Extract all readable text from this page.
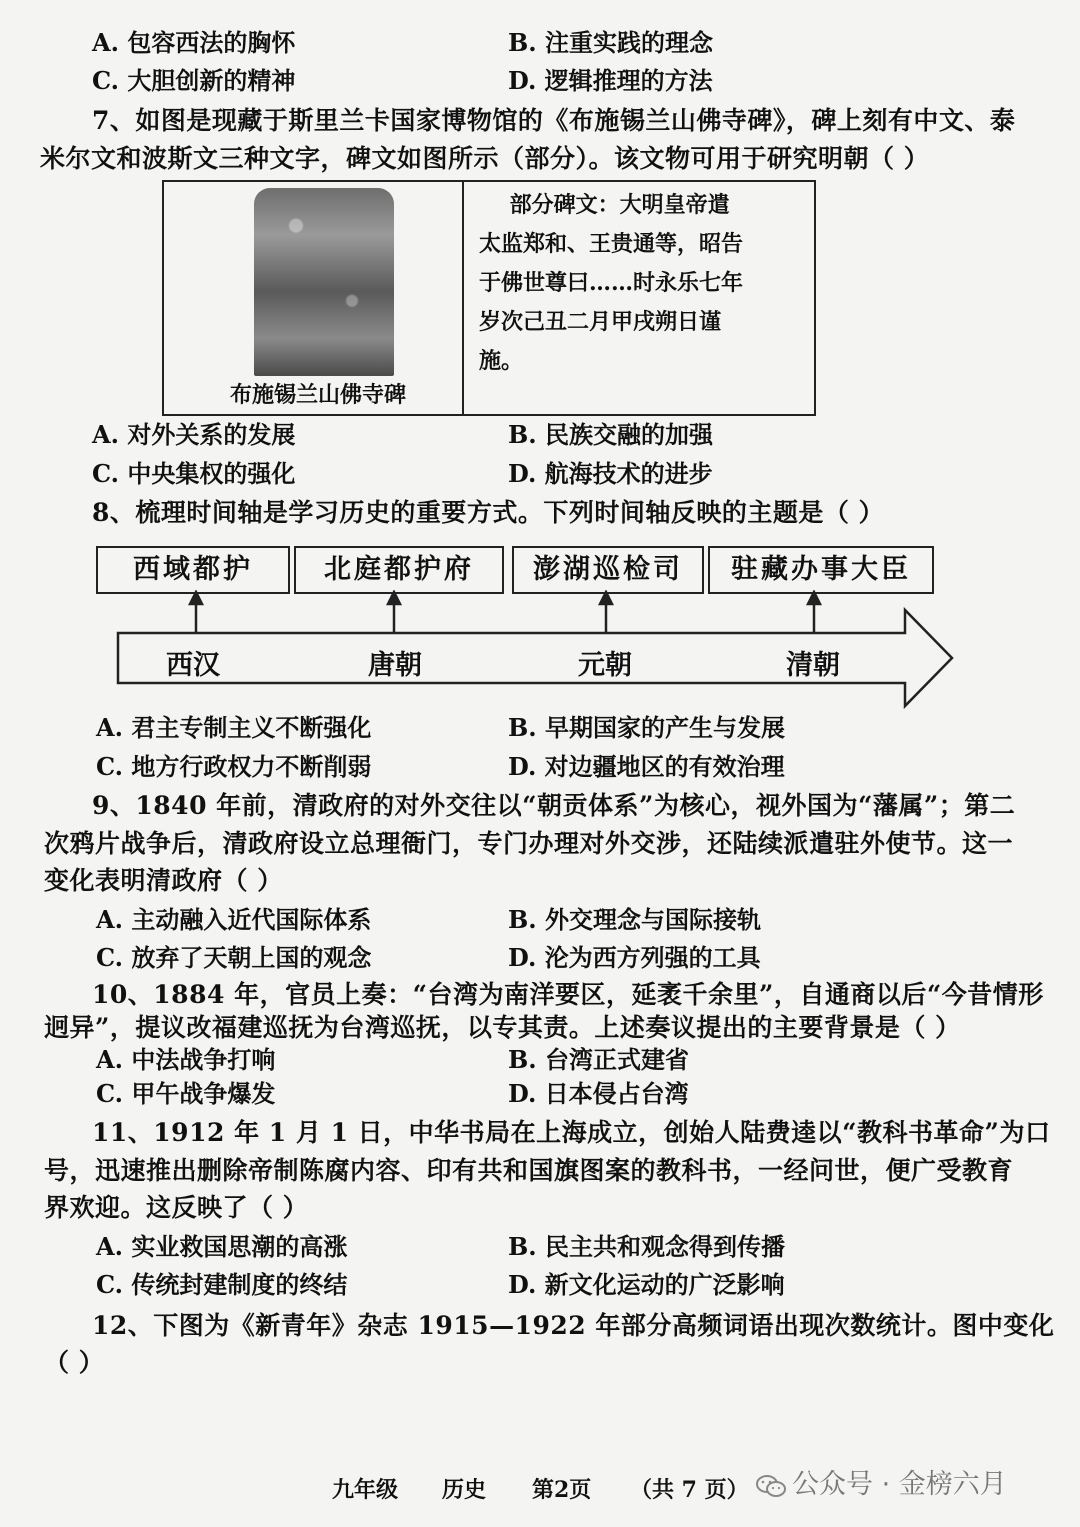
A. 包容西法的胸怀	B. 注重实践的理念
C. 大胆创新的精神	D. 逻辑推理的方法
7、如图是现藏于斯里兰卡国家博物馆的《布施锡兰山佛寺碑》，碑上刻有中文、泰
米尔文和波斯文三种文字，碑文如图所示（部分）。该文物可用于研究明朝（ ）
布施锡兰山佛寺碑
部分碑文：大明皇帝遣
太监郑和、王贵通等，昭告
于佛世尊曰……时永乐七年
岁次己丑二月甲戌朔日谨
施。
A. 对外关系的发展	B. 民族交融的加强
C. 中央集权的强化	D. 航海技术的进步
8、梳理时间轴是学习历史的重要方式。下列时间轴反映的主题是（ ）
西域都护	北庭都护府	澎湖巡检司	驻藏办事大臣
西汉	唐朝	元朝	清朝
A. 君主专制主义不断强化	B. 早期国家的产生与发展
C. 地方行政权力不断削弱	D. 对边疆地区的有效治理
9、1840 年前，清政府的对外交往以“朝贡体系”为核心，视外国为“藩属”；第二
次鸦片战争后，清政府设立总理衙门，专门办理对外交涉，还陆续派遣驻外使节。这一
变化表明清政府（ ）
A. 主动融入近代国际体系	B. 外交理念与国际接轨
C. 放弃了天朝上国的观念	D. 沦为西方列强的工具
10、1884 年，官员上奏：“台湾为南洋要区，延袤千余里”，自通商以后“今昔情形
迥异”，提议改福建巡抚为台湾巡抚，以专其责。上述奏议提出的主要背景是（ ）
A. 中法战争打响	B. 台湾正式建省
C. 甲午战争爆发	D. 日本侵占台湾
11、1912 年 1 月 1 日，中华书局在上海成立，创始人陆费逵以“教科书革命”为口
号，迅速推出删除帝制陈腐内容、印有共和国旗图案的教科书，一经问世，便广受教育
界欢迎。这反映了（ ）
A. 实业救国思潮的高涨	B. 民主共和观念得到传播
C. 传统封建制度的终结	D. 新文化运动的广泛影响
12、下图为《新青年》杂志 1915—1922 年部分高频词语出现次数统计。图中变化
（ ）
九年级 历史 第2页 （共 7 页）	公众号 · 金榜六月
